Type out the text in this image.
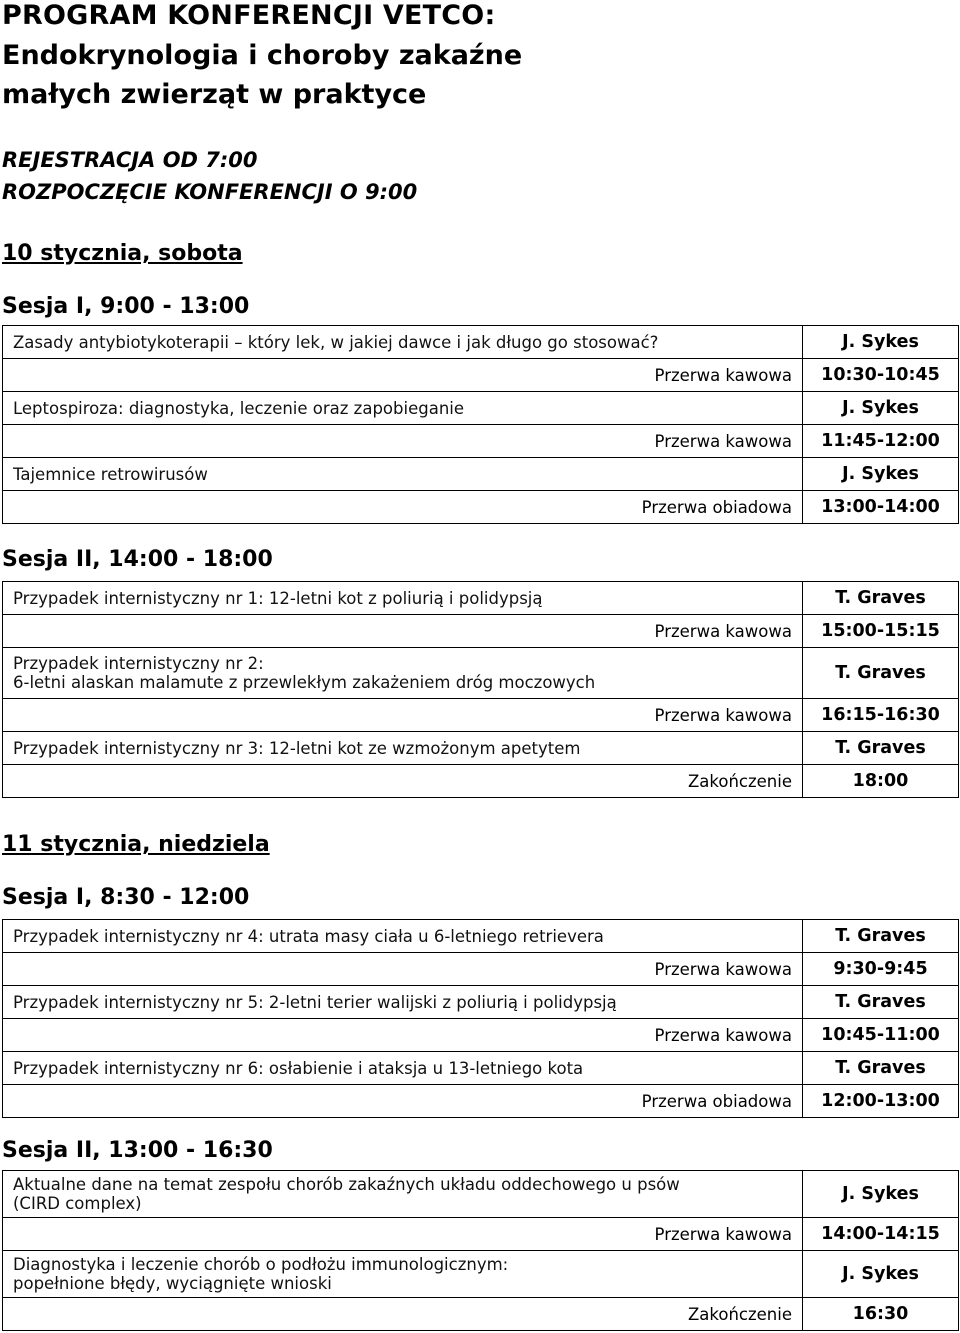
PROGRAM KONFERENCJI VETCO:
Endokrynologia i choroby zakaźne
małych zwierząt w praktyce
REJESTRACJA OD 7:00
ROZPOCZĘCIE KONFERENCJI O 9:00
10 stycznia, sobota
Sesja I, 9:00 - 13:00
Zasady antybiotykoterapii – który lek, w jakiej dawce i jak długo go stosować?	J. Sykes
Przerwa kawowa	10:30-10:45
Leptospiroza: diagnostyka, leczenie oraz zapobieganie	J. Sykes
Przerwa kawowa	11:45-12:00
Tajemnice retrowirusów	J. Sykes
Przerwa obiadowa	13:00-14:00
Sesja II, 14:00 - 18:00
Przypadek internistyczny nr 1: 12-letni kot z poliurią i polidypsją	T. Graves
Przerwa kawowa	15:00-15:15

Przypadek internistyczny nr 2:
6-letni alaskan malamute z przewlekłym zakażeniem dróg moczowych	T. Graves
Przerwa kawowa	16:15-16:30
Przypadek internistyczny nr 3: 12-letni kot ze wzmożonym apetytem	T. Graves
Zakończenie	18:00
11 stycznia, niedziela
Sesja I, 8:30 - 12:00
Przypadek internistyczny nr 4: utrata masy ciała u 6-letniego retrievera	T. Graves
Przerwa kawowa	9:30-9:45
Przypadek internistyczny nr 5: 2-letni terier walijski z poliurią i polidypsją	T. Graves
Przerwa kawowa	10:45-11:00
Przypadek internistyczny nr 6: osłabienie i ataksja u 13-letniego kota	T. Graves
Przerwa obiadowa	12:00-13:00
Sesja II, 13:00 - 16:30
Aktualne dane na temat zespołu chorób zakaźnych układu oddechowego u psów
(CIRD complex)	J. Sykes
Przerwa kawowa	14:00-14:15

Diagnostyka i leczenie chorób o podłożu immunologicznym:
popełnione błędy, wyciągnięte wnioski	J. Sykes
Zakończenie	16:30
